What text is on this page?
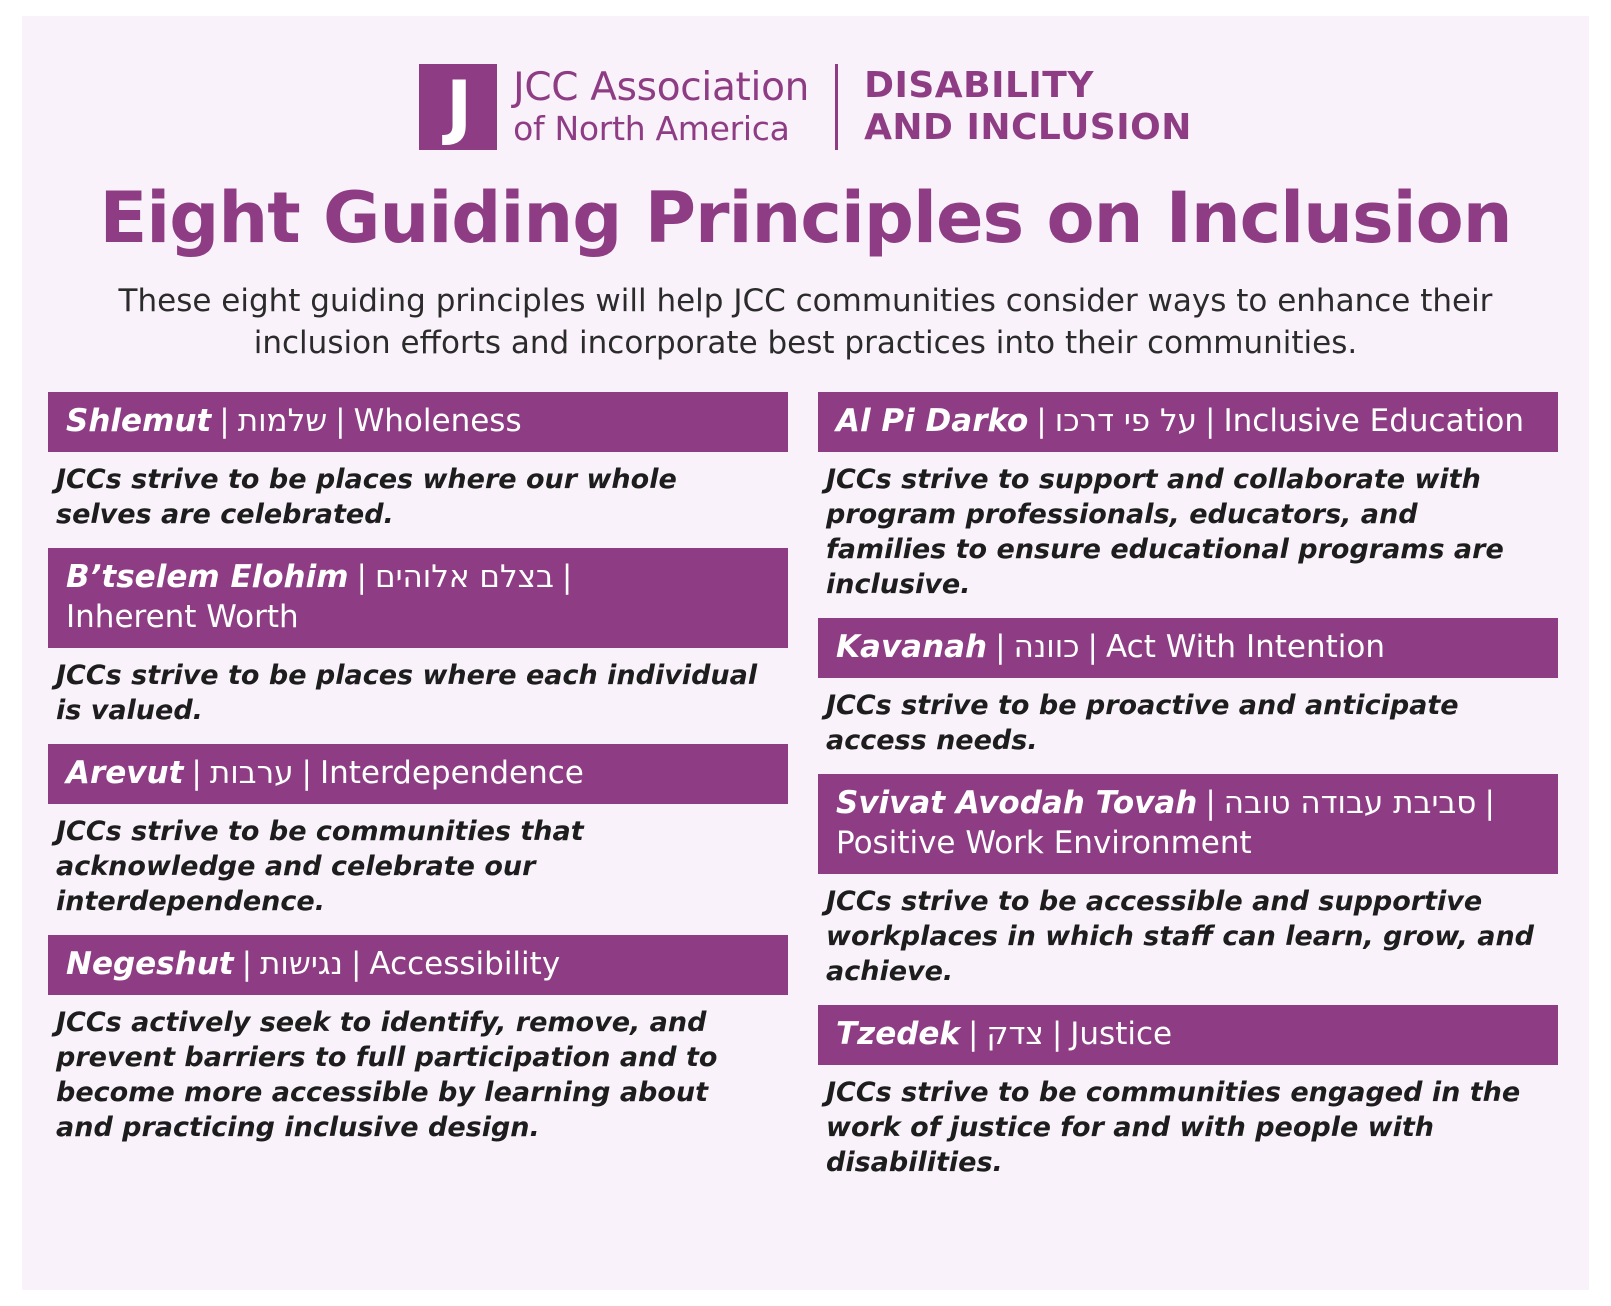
J	JCC Association
of North America
DISABILITY
AND INCLUSION
Eight Guiding Principles on Inclusion
These eight guiding principles will help JCC communities consider ways to enhance their inclusion efforts and incorporate best practices into their communities.
Shlemut | שלמות | Wholeness
JCCs strive to be places where our whole selves are celebrated.
B’tselem Elohim | בצלם אלוהים |
Inherent Worth
JCCs strive to be places where each individual is valued.
Arevut | ערבות | Interdependence
JCCs strive to be communities that acknowledge and celebrate our interdependence.
Negeshut | נגישות | Accessibility
JCCs actively seek to identify, remove, and prevent barriers to full participation and to become more accessible by learning about and practicing inclusive design.
Al Pi Darko | על פי דרכו | Inclusive Education
JCCs strive to support and collaborate with program professionals, educators, and families to ensure educational programs are inclusive.
Kavanah | כוונה | Act With Intention
JCCs strive to be proactive and anticipate access needs.
Svivat Avodah Tovah | סביבת עבודה טובה |
Positive Work Environment
JCCs strive to be accessible and supportive workplaces in which staff can learn, grow, and achieve.
Tzedek | צדק | Justice
JCCs strive to be communities engaged in the work of justice for and with people with disabilities.
